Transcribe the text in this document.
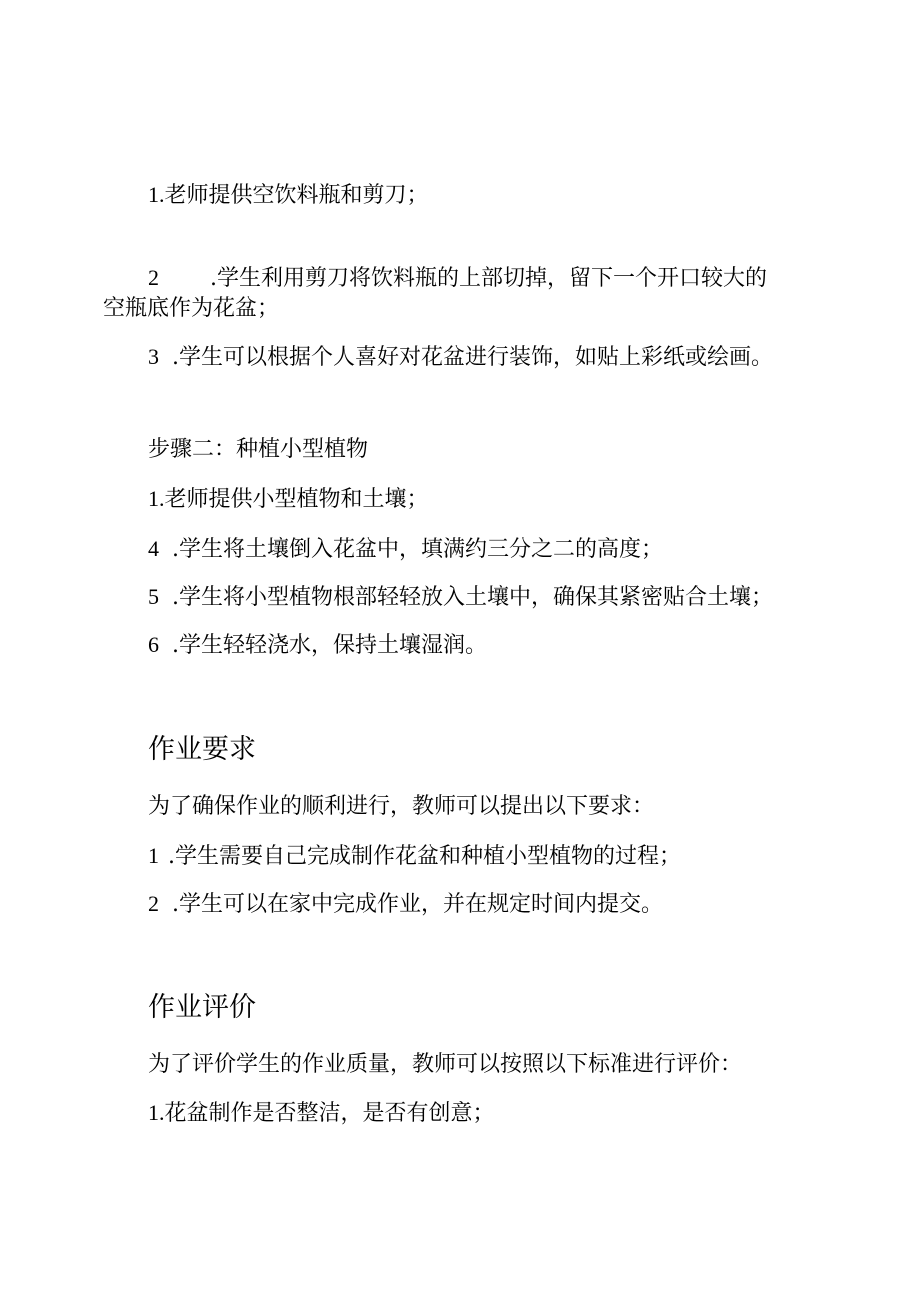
1.老师提供空饮料瓶和剪刀；

2 .学生利用剪刀将饮料瓶的上部切掉，留下一个开口较大的

空瓶底作为花盆；

3 .学生可以根据个人喜好对花盆进行装饰，如贴上彩纸或绘画。

步骤二：种植小型植物

1.老师提供小型植物和土壤；

4 .学生将土壤倒入花盆中，填满约三分之二的高度；

5 .学生将小型植物根部轻轻放入土壤中，确保其紧密贴合土壤；

6 .学生轻轻浇水，保持土壤湿润。

作业要求

为了确保作业的顺利进行，教师可以提出以下要求：

1 .学生需要自己完成制作花盆和种植小型植物的过程；

2 .学生可以在家中完成作业，并在规定时间内提交。

作业评价

为了评价学生的作业质量，教师可以按照以下标准进行评价：

1.花盆制作是否整洁，是否有创意；
